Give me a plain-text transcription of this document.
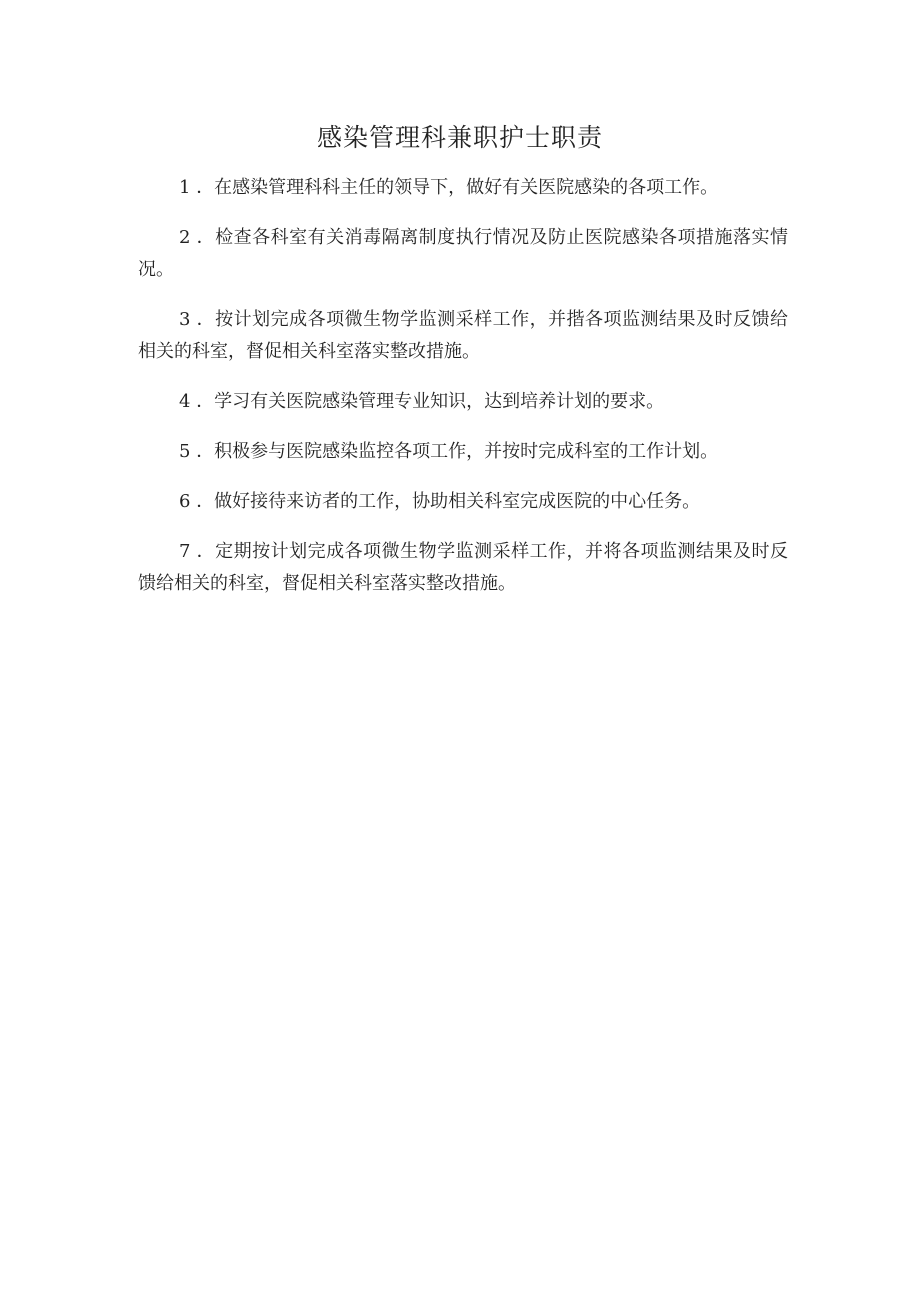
感染管理科兼职护士职责
1 ．在感染管理科科主任的领导下，做好有关医院感染的各项工作。
2 ．检查各科室有关消毒隔离制度执行情况及防止医院感染各项措施落实情况。
3 ．按计划完成各项微生物学监测采样工作，并揩各项监测结果及时反馈给相关的科室，督促相关科室落实整改措施。
4 ．学习有关医院感染管理专业知识，达到培养计划的要求。
5 ．积极参与医院感染监控各项工作，并按时完成科室的工作计划。
6 ．做好接待来访者的工作，协助相关科室完成医院的中心任务。
7 ．定期按计划完成各项微生物学监测采样工作，并将各项监测结果及时反馈给相关的科室，督促相关科室落实整改措施。
